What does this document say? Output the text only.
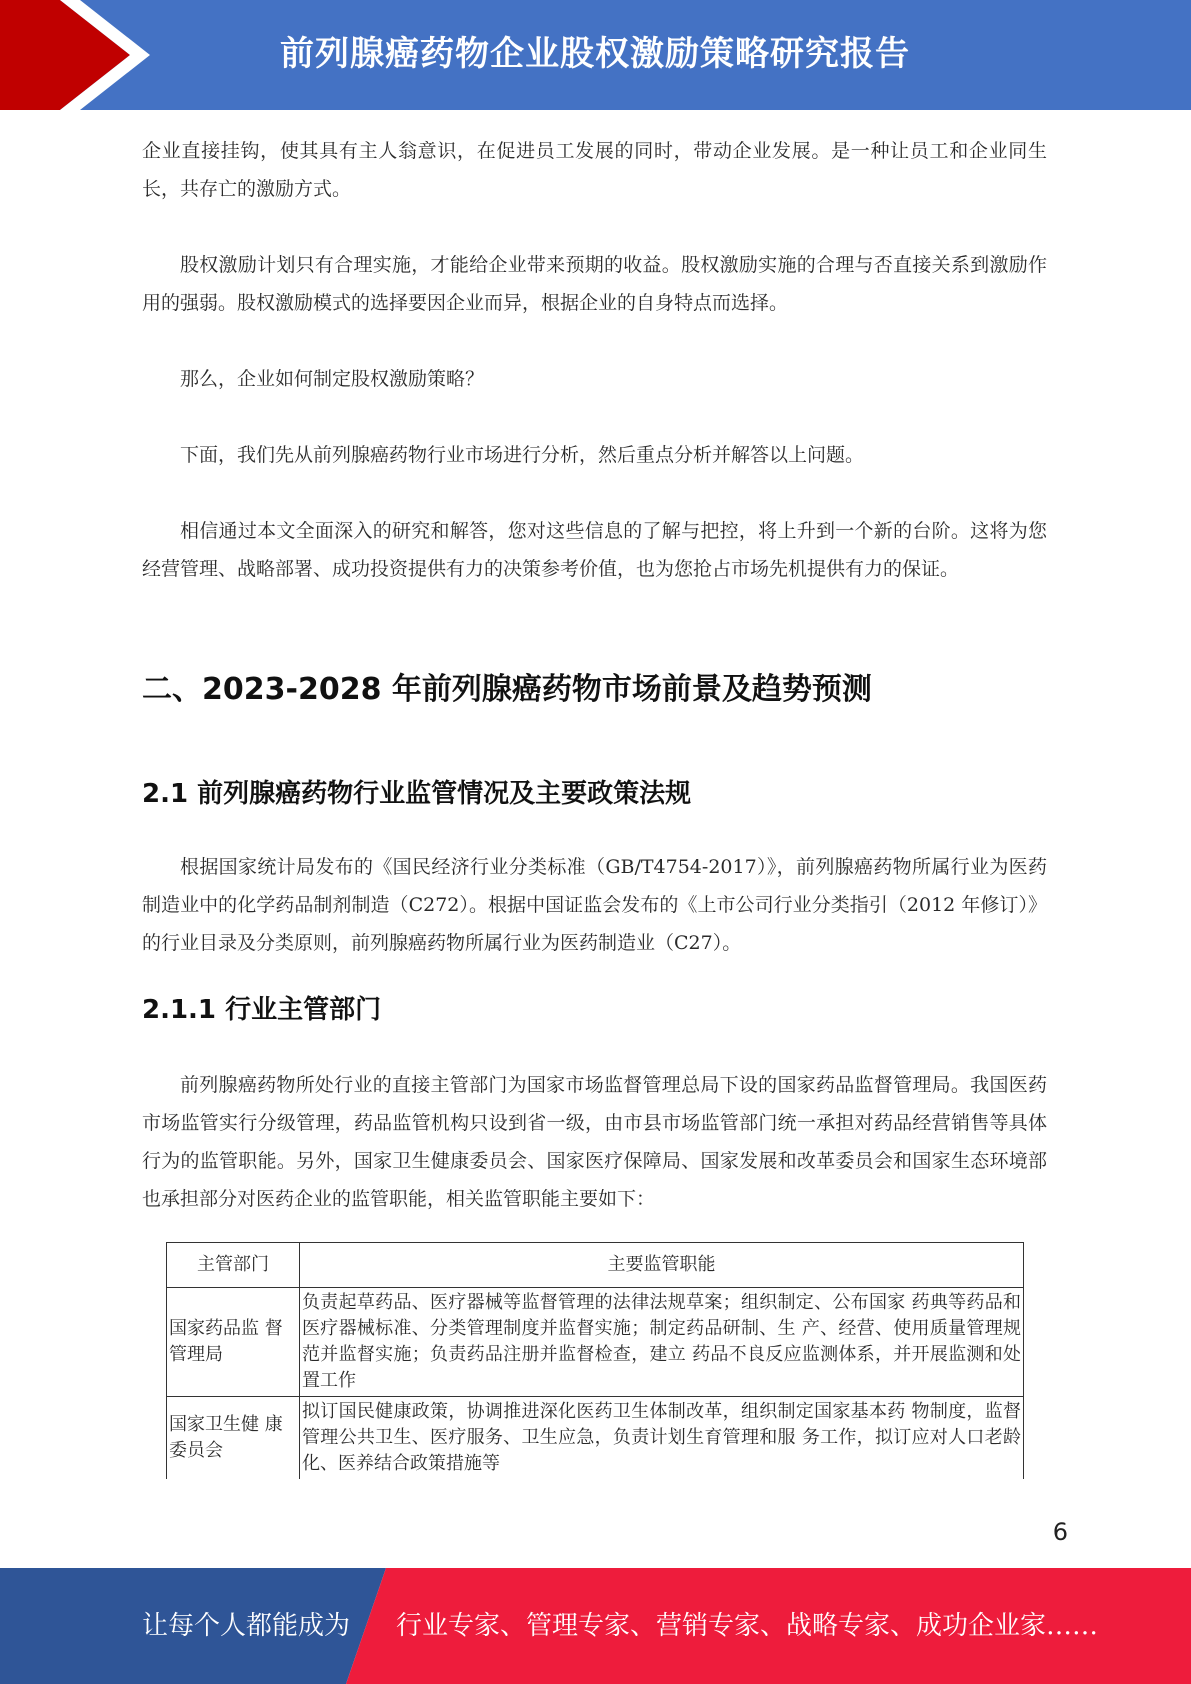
前列腺癌药物企业股权激励策略研究报告

企业直接挂钩，使其具有主人翁意识，在促进员工发展的同时，带动企业发展。是一种让员工和企业同生长，共存亡的激励方式。

股权激励计划只有合理实施，才能给企业带来预期的收益。股权激励实施的合理与否直接关系到激励作用的强弱。股权激励模式的选择要因企业而异，根据企业的自身特点而选择。

那么，企业如何制定股权激励策略？

下面，我们先从前列腺癌药物行业市场进行分析，然后重点分析并解答以上问题。

相信通过本文全面深入的研究和解答，您对这些信息的了解与把控，将上升到一个新的台阶。这将为您经营管理、战略部署、成功投资提供有力的决策参考价值，也为您抢占市场先机提供有力的保证。

二、2023-2028 年前列腺癌药物市场前景及趋势预测
2.1 前列腺癌药物行业监管情况及主要政策法规

根据国家统计局发布的《国民经济行业分类标准（GB/T4754-2017）》，前列腺癌药物所属行业为医药制造业中的化学药品制剂制造（C272）。根据中国证监会发布的《上市公司行业分类指引（2012 年修订）》的行业目录及分类原则，前列腺癌药物所属行业为医药制造业（C27）。

2.1.1 行业主管部门

前列腺癌药物所处行业的直接主管部门为国家市场监督管理总局下设的国家药品监督管理局。我国医药市场监管实行分级管理，药品监管机构只设到省一级，由市县市场监管部门统一承担对药品经营销售等具体行为的监管职能。另外，国家卫生健康委员会、国家医疗保障局、国家发展和改革委员会和国家生态环境部也承担部分对医药企业的监管职能，相关监管职能主要如下：

主管部门	主要监管职能
国家药品监 督管理局	负责起草药品、医疗器械等监督管理的法律法规草案；组织制定、公布国家 药典等药品和医疗器械标准、分类管理制度并监督实施；制定药品研制、生 产、经营、使用质量管理规范并监督实施；负责药品注册并监督检查，建立 药品不良反应监测体系，并开展监测和处置工作
国家卫生健 康委员会	拟订国民健康政策，协调推进深化医药卫生体制改革，组织制定国家基本药 物制度，监督管理公共卫生、医疗服务、卫生应急，负责计划生育管理和服 务工作，拟订应对人口老龄化、医养结合政策措施等
6
让每个人都能成为 行业专家、管理专家、营销专家、战略专家、成功企业家……
